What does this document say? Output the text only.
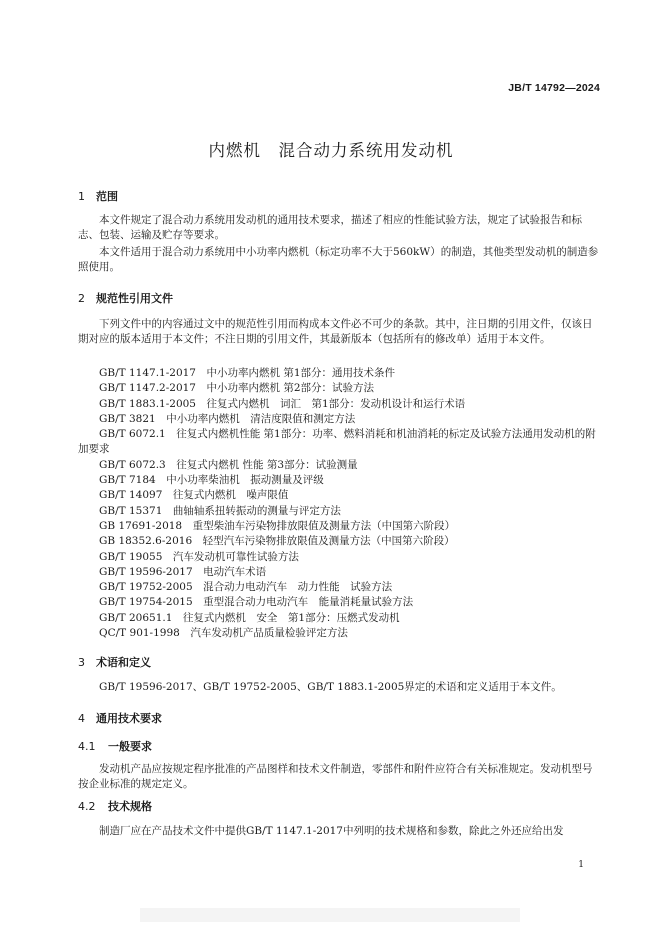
JB/T 14792—2024
内燃机　混合动力系统用发动机
1 范围

本文件规定了混合动力系统用发动机的通用技术要求，描述了相应的性能试验方法，规定了试验报告和标志、包装、运输及贮存等要求。

本文件适用于混合动力系统用中小功率内燃机（标定功率不大于560kW）的制造，其他类型发动机的制造参照使用。

2 规范性引用文件

下列文件中的内容通过文中的规范性引用而构成本文件必不可少的条款。其中，注日期的引用文件，仅该日期对应的版本适用于本文件；不注日期的引用文件，其最新版本（包括所有的修改单）适用于本文件。

GB/T 1147.1-2017　中小功率内燃机 第1部分：通用技术条件
GB/T 1147.2-2017　中小功率内燃机 第2部分：试验方法
GB/T 1883.1-2005　往复式内燃机　词汇　第1部分：发动机设计和运行术语
GB/T 3821　中小功率内燃机　清洁度限值和测定方法
GB/T 6072.1　往复式内燃机性能 第1部分：功率、燃料消耗和机油消耗的标定及试验方法通用发动机的附加要求
GB/T 6072.3　往复式内燃机 性能 第3部分：试验测量
GB/T 7184　中小功率柴油机　振动测量及评级
GB/T 14097　往复式内燃机　噪声限值
GB/T 15371　曲轴轴系扭转振动的测量与评定方法
GB 17691-2018　重型柴油车污染物排放限值及测量方法（中国第六阶段）
GB 18352.6-2016　轻型汽车污染物排放限值及测量方法（中国第六阶段）
GB/T 19055　汽车发动机可靠性试验方法
GB/T 19596-2017　电动汽车术语
GB/T 19752-2005　混合动力电动汽车　动力性能　试验方法
GB/T 19754-2015　重型混合动力电动汽车　能量消耗量试验方法
GB/T 20651.1　往复式内燃机　安全　第1部分：压燃式发动机
QC/T 901-1998　汽车发动机产品质量检验评定方法
3 术语和定义

GB/T 19596-2017、GB/T 19752-2005、GB/T 1883.1-2005界定的术语和定义适用于本文件。

4 通用技术要求
4.1 一般要求

发动机产品应按规定程序批准的产品图样和技术文件制造，零部件和附件应符合有关标准规定。发动机型号按企业标准的规定定义。

4.2 技术规格

制造厂应在产品技术文件中提供GB/T 1147.1-2017中列明的技术规格和参数，除此之外还应给出发

1
